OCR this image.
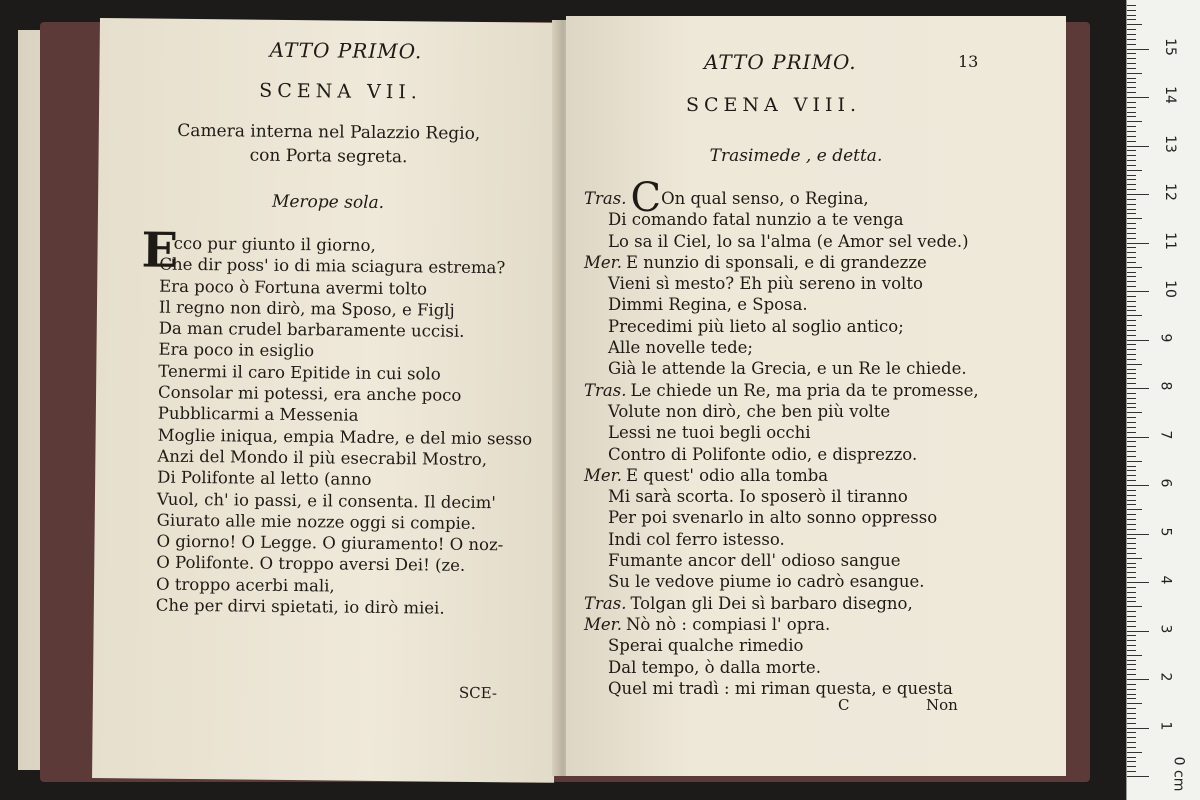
ATTO PRIMO.
SCENA VII.
Camera interna nel Palazzio Regio,
con Porta segreta.
Merope sola.
E
cco pur giunto il giorno,
Che dir poss' io di mia sciagura estrema?
Era poco ò Fortuna avermi tolto
Il regno non dirò, ma Sposo, e Figlj
Da man crudel barbaramente uccisi.
Era poco in esiglio
Tenermi il caro Epitide in cui solo
Consolar mi potessi, era anche poco
Pubblicarmi a Messenia
Moglie iniqua, empia Madre, e del mio sesso
Anzi del Mondo il più esecrabil Mostro,
Di Polifonte al letto (anno
Vuol, ch' io passi, e il consenta. Il decim'
Giurato alle mie nozze oggi si compie.
O giorno! O Legge. O giuramento! O noz-
O Polifonte. O troppo aversi Dei! (ze.
O troppo acerbi mali,
Che per dirvi spietati, io dirò miei.
SCE-
ATTO PRIMO.	13
SCENA VIII.
Trasimede , e detta.
Tras. COn qual senso, o Regina,
Di comando fatal nunzio a te venga
Lo sa il Ciel, lo sa l'alma (e Amor sel vede.)
Mer. E nunzio di sponsali, e di grandezze
Vieni sì mesto? Eh più sereno in volto
Dimmi Regina, e Sposa.
Precedimi più lieto al soglio antico;
Alle novelle tede;
Già le attende la Grecia, e un Re le chiede.
Tras. Le chiede un Re, ma pria da te promesse,
Volute non dirò, che ben più volte
Lessi ne tuoi begli occhi
Contro di Polifonte odio, e disprezzo.
Mer. E quest' odio alla tomba
Mi sarà scorta. Io sposerò il tiranno
Per poi svenarlo in alto sonno oppresso
Indi col ferro istesso.
Fumante ancor dell' odioso sangue
Su le vedove piume io cadrò esangue.
Tras. Tolgan gli Dei sì barbaro disegno,
Mer. Nò nò : compiasi l' opra.
Sperai qualche rimedio
Dal tempo, ò dalla morte.
Quel mi tradì : mi riman questa, e questa
C	Non
0 cm
1
2
3
4
5
6
7
8
9
10
11
12
13
14
15
